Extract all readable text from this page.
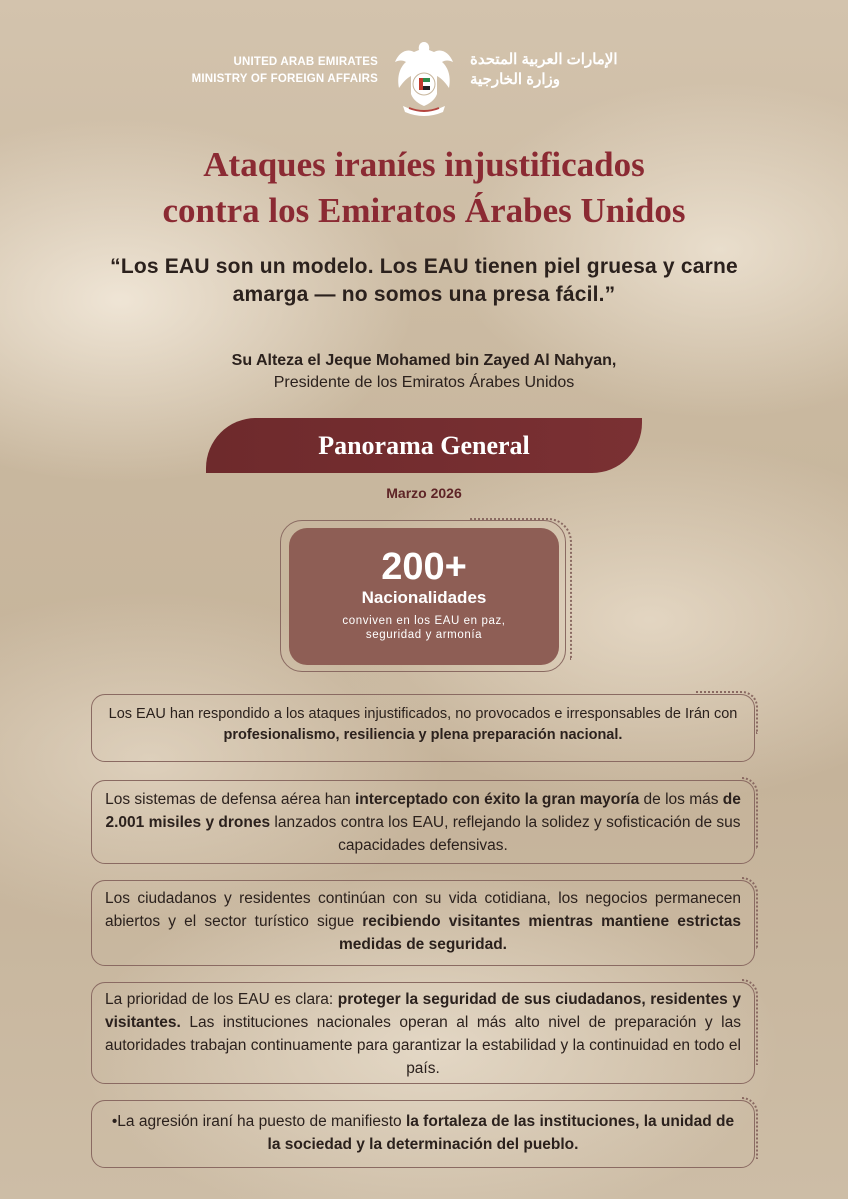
UNITED ARAB EMIRATES
MINISTRY OF FOREIGN AFFAIRS
الإمارات العربية المتحدة
وزارة الخارجية
Ataques iraníes injustificados
contra los Emiratos Árabes Unidos

“Los EAU son un modelo. Los EAU tienen piel gruesa y carne amarga — no somos una presa fácil.”

Su Alteza el Jeque Mohamed bin Zayed Al Nahyan,
Presidente de los Emiratos Árabes Unidos
Panorama General
Marzo 2026
200+
Nacionalidades
conviven en los EAU en paz, seguridad y armonía

Los EAU han respondido a los ataques injustificados, no provocados e irresponsables de Irán con profesionalismo, resiliencia y plena preparación nacional.

Los sistemas de defensa aérea han interceptado con éxito la gran mayoría de los más de 2.001 misiles y drones lanzados contra los EAU, reflejando la solidez y sofisticación de sus capacidades defensivas.

Los ciudadanos y residentes continúan con su vida cotidiana, los negocios permanecen abiertos y el sector turístico sigue recibiendo visitantes mientras mantiene estrictas medidas de seguridad.

La prioridad de los EAU es clara: proteger la seguridad de sus ciudadanos, residentes y visitantes. Las instituciones nacionales operan al más alto nivel de preparación y las autoridades trabajan continuamente para garantizar la estabilidad y la continuidad en todo el país.

•La agresión iraní ha puesto de manifiesto la fortaleza de las instituciones, la unidad de la sociedad y la determinación del pueblo.
